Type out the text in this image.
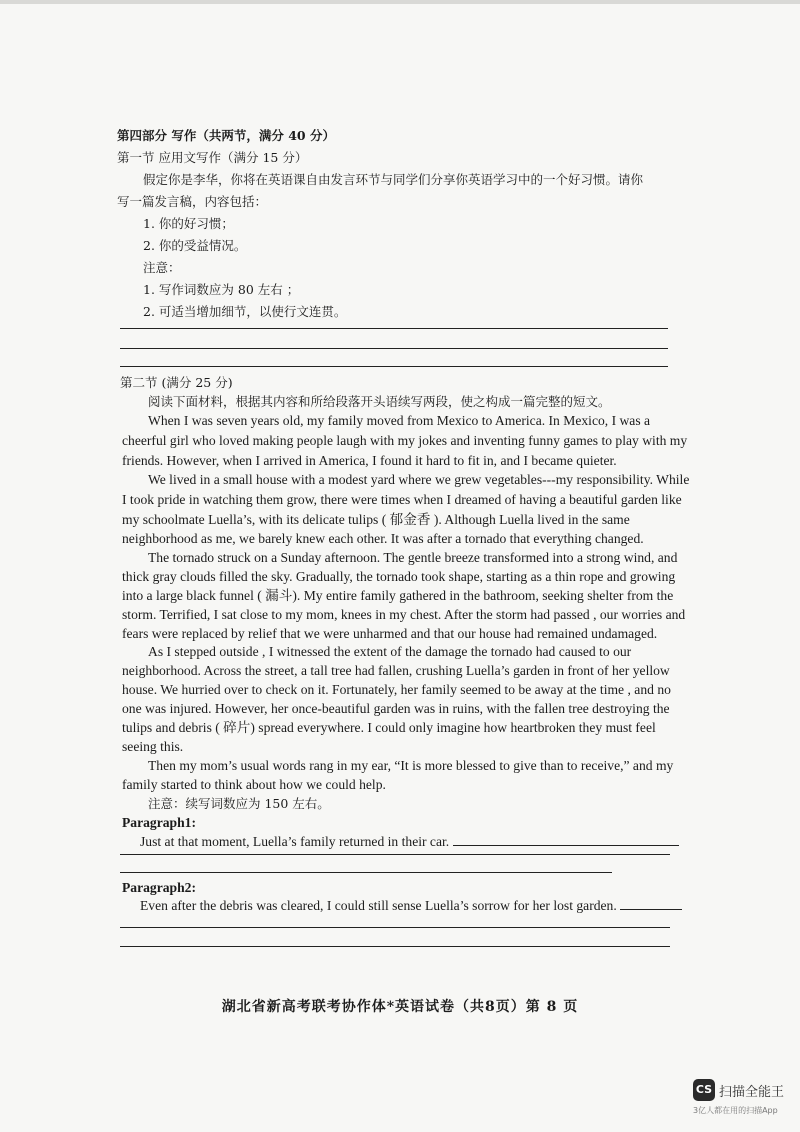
第四部分 写作（共两节，满分 40 分）
第一节 应用文写作（满分 15 分）
假定你是李华，你将在英语课自由发言环节与同学们分享你英语学习中的一个好习惯。请你
写一篇发言稿，内容包括：
1. 你的好习惯；
2. 你的受益情况。
注意：
1. 写作词数应为 80 左右 ；
2. 可适当增加细节，以使行文连贯。
第二节 (满分 25 分)
阅读下面材料，根据其内容和所给段落开头语续写两段，使之构成一篇完整的短文。
When I was seven years old, my family moved from Mexico to America. In Mexico, I was a
cheerful girl who loved making people laugh with my jokes and inventing funny games to play with my
friends. However, when I arrived in America, I found it hard to fit in, and I became quieter.
We lived in a small house with a modest yard where we grew vegetables---my responsibility. While
I took pride in watching them grow, there were times when I dreamed of having a beautiful garden like
my schoolmate Luella’s, with its delicate tulips ( 郁金香 ). Although Luella lived in the same
neighborhood as me, we barely knew each other. It was after a tornado that everything changed.
The tornado struck on a Sunday afternoon. The gentle breeze transformed into a strong wind, and
thick gray clouds filled the sky. Gradually, the tornado took shape, starting as a thin rope and growing
into a large black funnel ( 漏斗). My entire family gathered in the bathroom, seeking shelter from the
storm. Terrified, I sat close to my mom, knees in my chest. After the storm had passed , our worries and
fears were replaced by relief that we were unharmed and that our house had remained undamaged.
As I stepped outside , I witnessed the extent of the damage the tornado had caused to our
neighborhood. Across the street, a tall tree had fallen, crushing Luella’s garden in front of her yellow
house. We hurried over to check on it. Fortunately, her family seemed to be away at the time , and no
one was injured. However, her once-beautiful garden was in ruins, with the fallen tree destroying the
tulips and debris ( 碎片) spread everywhere. I could only imagine how heartbroken they must feel
seeing this.
Then my mom’s usual words rang in my ear, “It is more blessed to give than to receive,” and my
family started to think about how we could help.
注意：续写词数应为 150 左右。
Paragraph1:
Just at that moment, Luella’s family returned in their car.
Paragraph2:
Even after the debris was cleared, I could still sense Luella’s sorrow for her lost garden.
湖北省新高考联考协作体*英语试卷（共8页）第 8 页
CS 扫描全能王
3亿人都在用的扫描App
